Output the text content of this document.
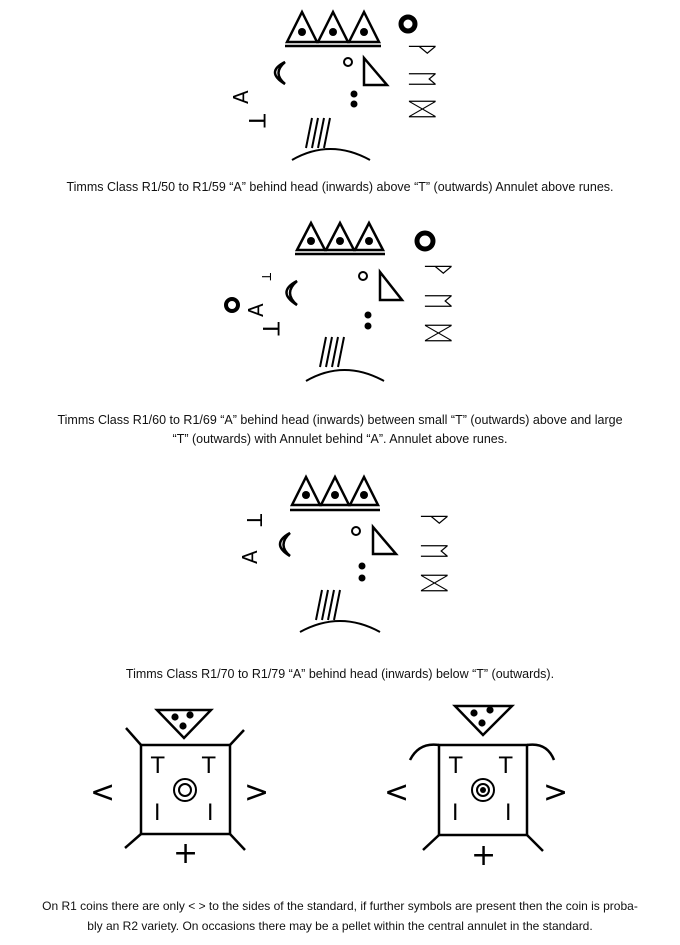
ᚹ
ᛖ
ᛞ
A
T
Timms Class R1/50 to R1/59 “A” behind head (inwards) above “T” (outwards) Annulet above runes.
ᚹ
ᛖ
ᛞ
T
A
T
Timms Class R1/60 to R1/69 “A” behind head (inwards) between small “T” (outwards) above and large
“T” (outwards) with Annulet behind “A”. Annulet above runes.
ᚹ
ᛖ
ᛞ
T
A
Timms Class R1/70 to R1/79 “A” behind head (inwards) below “T” (outwards).
T T
I I
<	>
+
T T
I I
<	>
+
On R1 coins there are only < > to the sides of the standard, if further symbols are present then the coin is proba-
bly an R2 variety. On occasions there may be a pellet within the central annulet in the standard.
